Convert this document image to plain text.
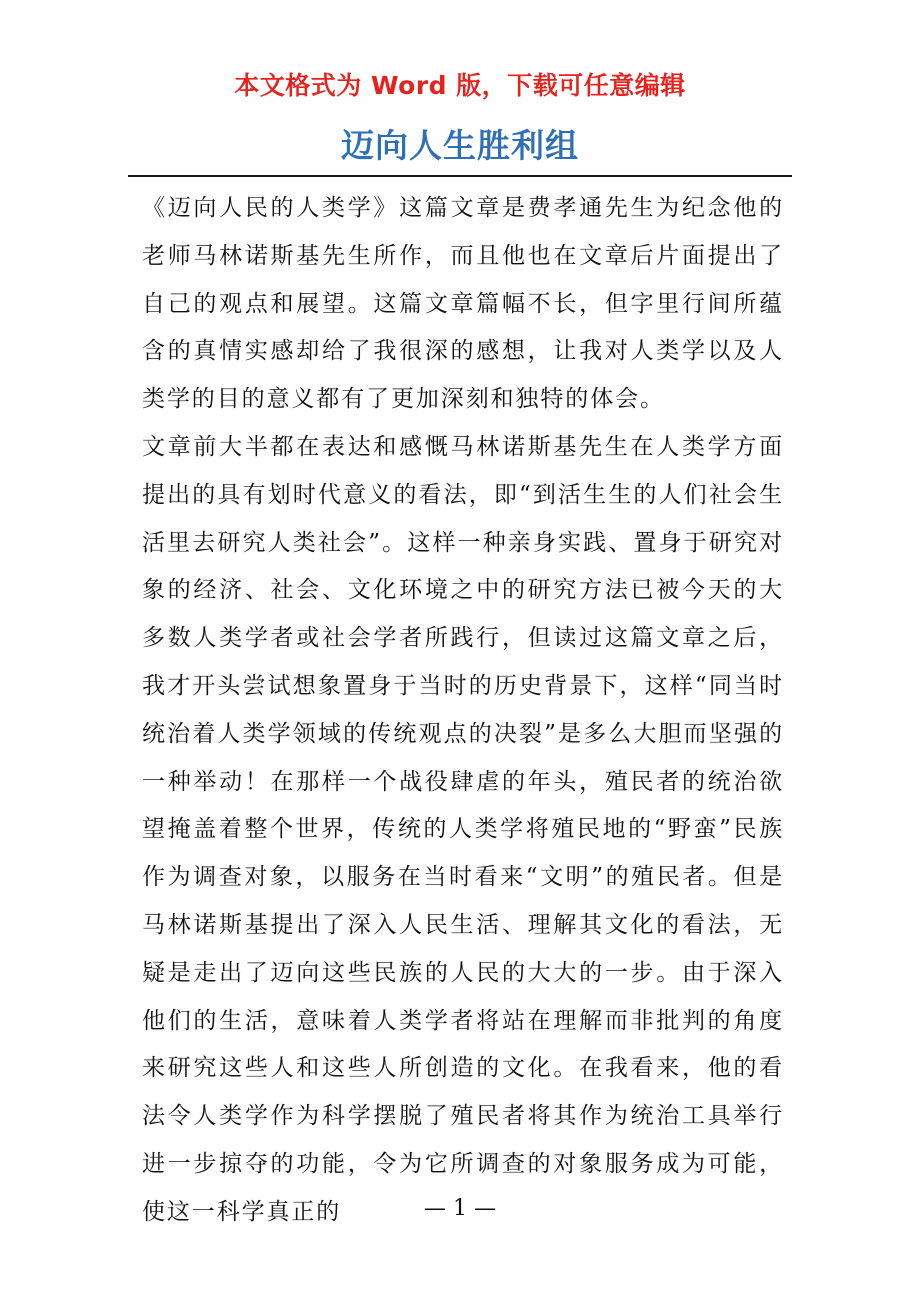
本文格式为 Word 版，下载可任意编辑
迈向人生胜利组

《迈向人民的人类学》这篇文章是费孝通先生为纪念他的老师马林诺斯基先生所作，而且他也在文章后片面提出了自己的观点和展望。这篇文章篇幅不长，但字里行间所蕴含的真情实感却给了我很深的感想，让我对人类学以及人类学的目的意义都有了更加深刻和独特的体会。

文章前大半都在表达和感慨马林诺斯基先生在人类学方面提出的具有划时代意义的看法，即“到活生生的人们社会生活里去研究人类社会”。这样一种亲身实践、置身于研究对象的经济、社会、文化环境之中的研究方法已被今天的大多数人类学者或社会学者所践行，但读过这篇文章之后，我才开头尝试想象置身于当时的历史背景下，这样“同当时统治着人类学领域的传统观点的决裂”是多么大胆而坚强的一种举动！在那样一个战役肆虐的年头，殖民者的统治欲望掩盖着整个世界，传统的人类学将殖民地的“野蛮”民族作为调查对象，以服务在当时看来“文明”的殖民者。但是马林诺斯基提出了深入人民生活、理解其文化的看法，无疑是走出了迈向这些民族的人民的大大的一步。由于深入他们的生活，意味着人类学者将站在理解而非批判的角度来研究这些人和这些人所创造的文化。在我看来，他的看法令人类学作为科学摆脱了殖民者将其作为统治工具举行进一步掠夺的功能，令为它所调查的对象服务成为可能，使这一科学真正的	— 1 —
